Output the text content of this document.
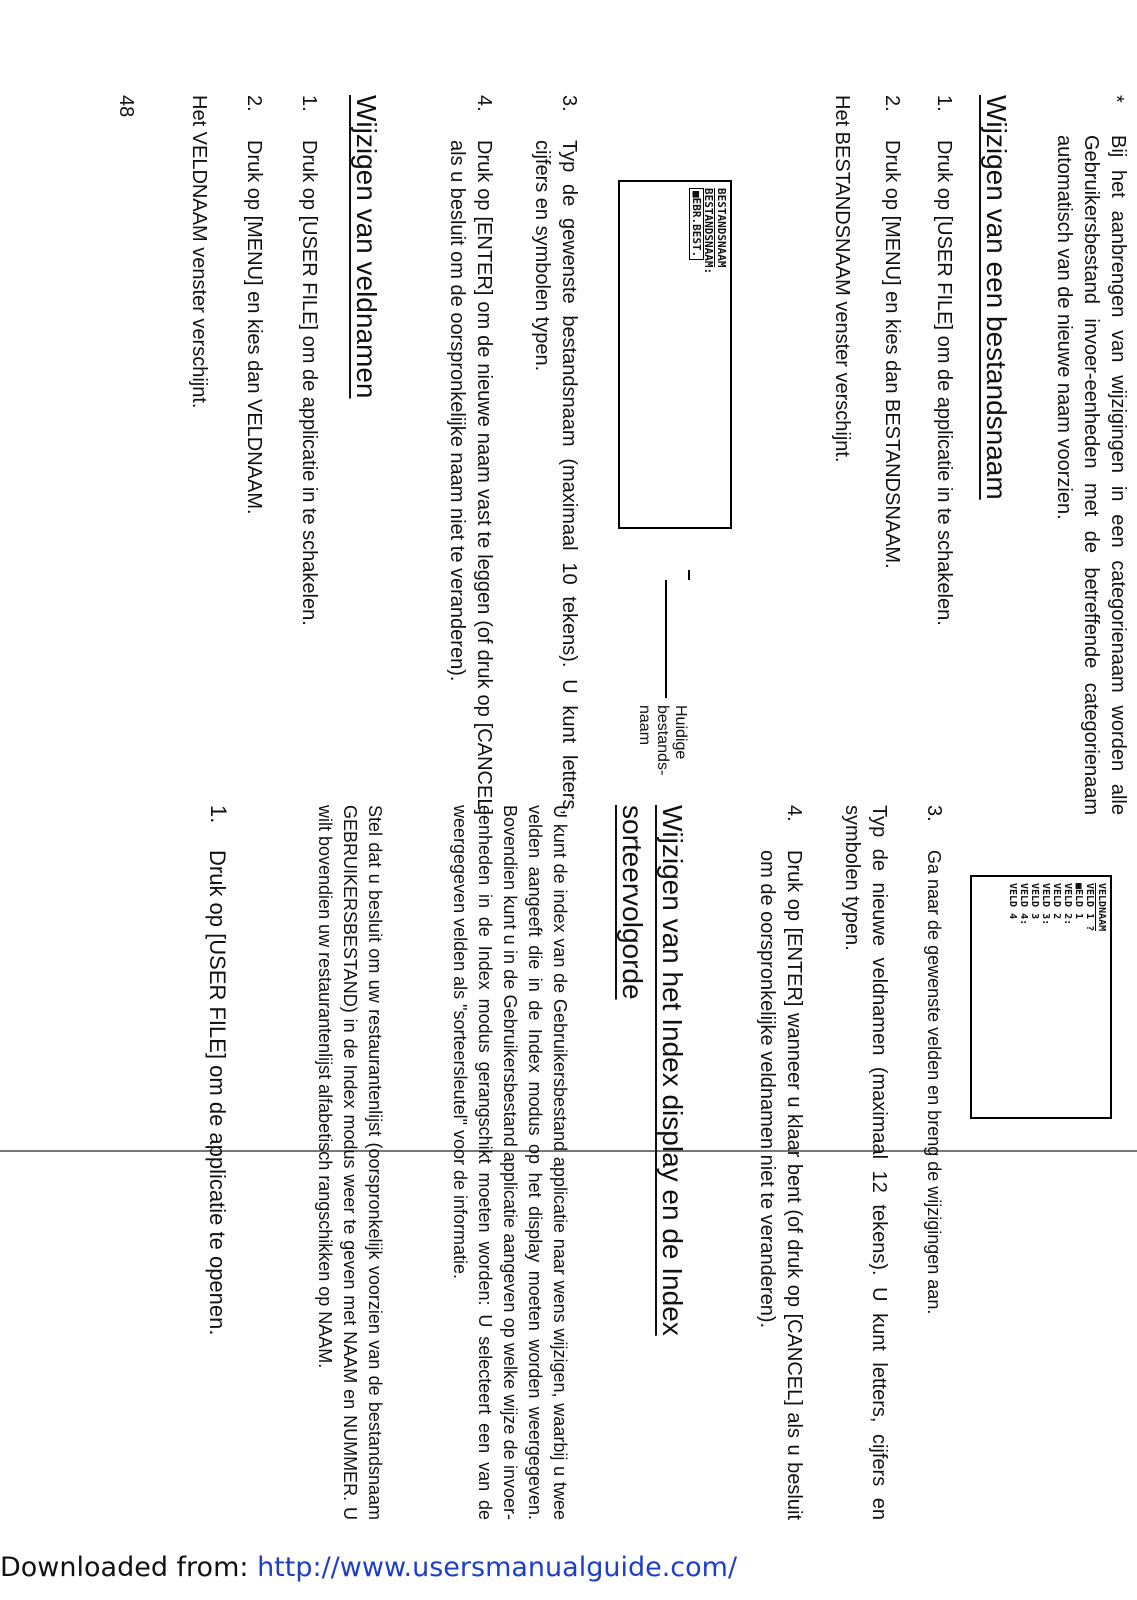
*

Bij het aanbrengen van wijzigingen in een categorienaam worden alle Gebruikersbestand invoer-eenheden met de betreffende categorienaam automatisch van de nieuwe naam voorzien.

Wijzigen van een bestandsnaam
1.

Druk op [USER FILE] om de applicatie in te schakelen.

2.

Druk op [MENU] en kies dan BESTANDSNAAM.

Het BESTANDSNAAM venster verschijnt.

BESTANDSNAAM
BESTANDSNAAM:
■EBR.BEST.
Huidige bestands- naam
3.

Typ de gewenste bestandsnaam (maximaal 10 tekens). U kunt letters, cijfers en symbolen typen.

4.

Druk op [ENTER] om de nieuwe naam vast te leggen (of druk op [CANCEL] als u besluit om de oorspronkelijke naam niet te veranderen).

Wijzigen van veldnamen
1.

Druk op [USER FILE] om de applicatie in te schakelen.

2.

Druk op [MENU] en kies dan VELDNAAM.

Het VELDNAAM venster verschijnt.

48
VELDNAAM
VELD 1 ?
■ELD 1
VELD 2:
VELD 2
VELD 3:
VELD 3
VELD 4:
VELD 4
3.

Ga naar de gewenste velden en breng de wijzigingen aan.

Typ de nieuwe veldnamen (maximaal 12 tekens). U kunt letters, cijfers en symbolen typen.

4.

Druk op [ENTER] wanneer u klaar bent (of druk op [CANCEL] als u besluit om de oorspronkelijke veldnamen niet te veranderen).

Wijzigen van het Index display en de Index sorteervolgorde

U kunt de index van de Gebruikersbestand applicatie naar wens wijzigen, waarbij u twee velden aangeeft die in de Index modus op het display moeten worden weergegeven. Bovendien kunt u in de Gebruikersbestand applicatie aangeven op welke wijze de invoer-eenheden in de Index modus gerangschikt moeten worden: U selecteert een van de weergegeven velden als "sorteersleutel" voor de informatie.

Stel dat u besluit om uw restaurantenlijst (oorspronkelijk voorzien van de bestandsnaam GEBRUIKERSBESTAND) in de Index modus weer te geven met NAAM en NUMMER. U wilt bovendien uw restaurantenlijst alfabetisch rangschikken op NAAM.

1.

Druk op [USER FILE] om de applicatie te openen.

Downloaded from: http://www.usersmanualguide.com/
